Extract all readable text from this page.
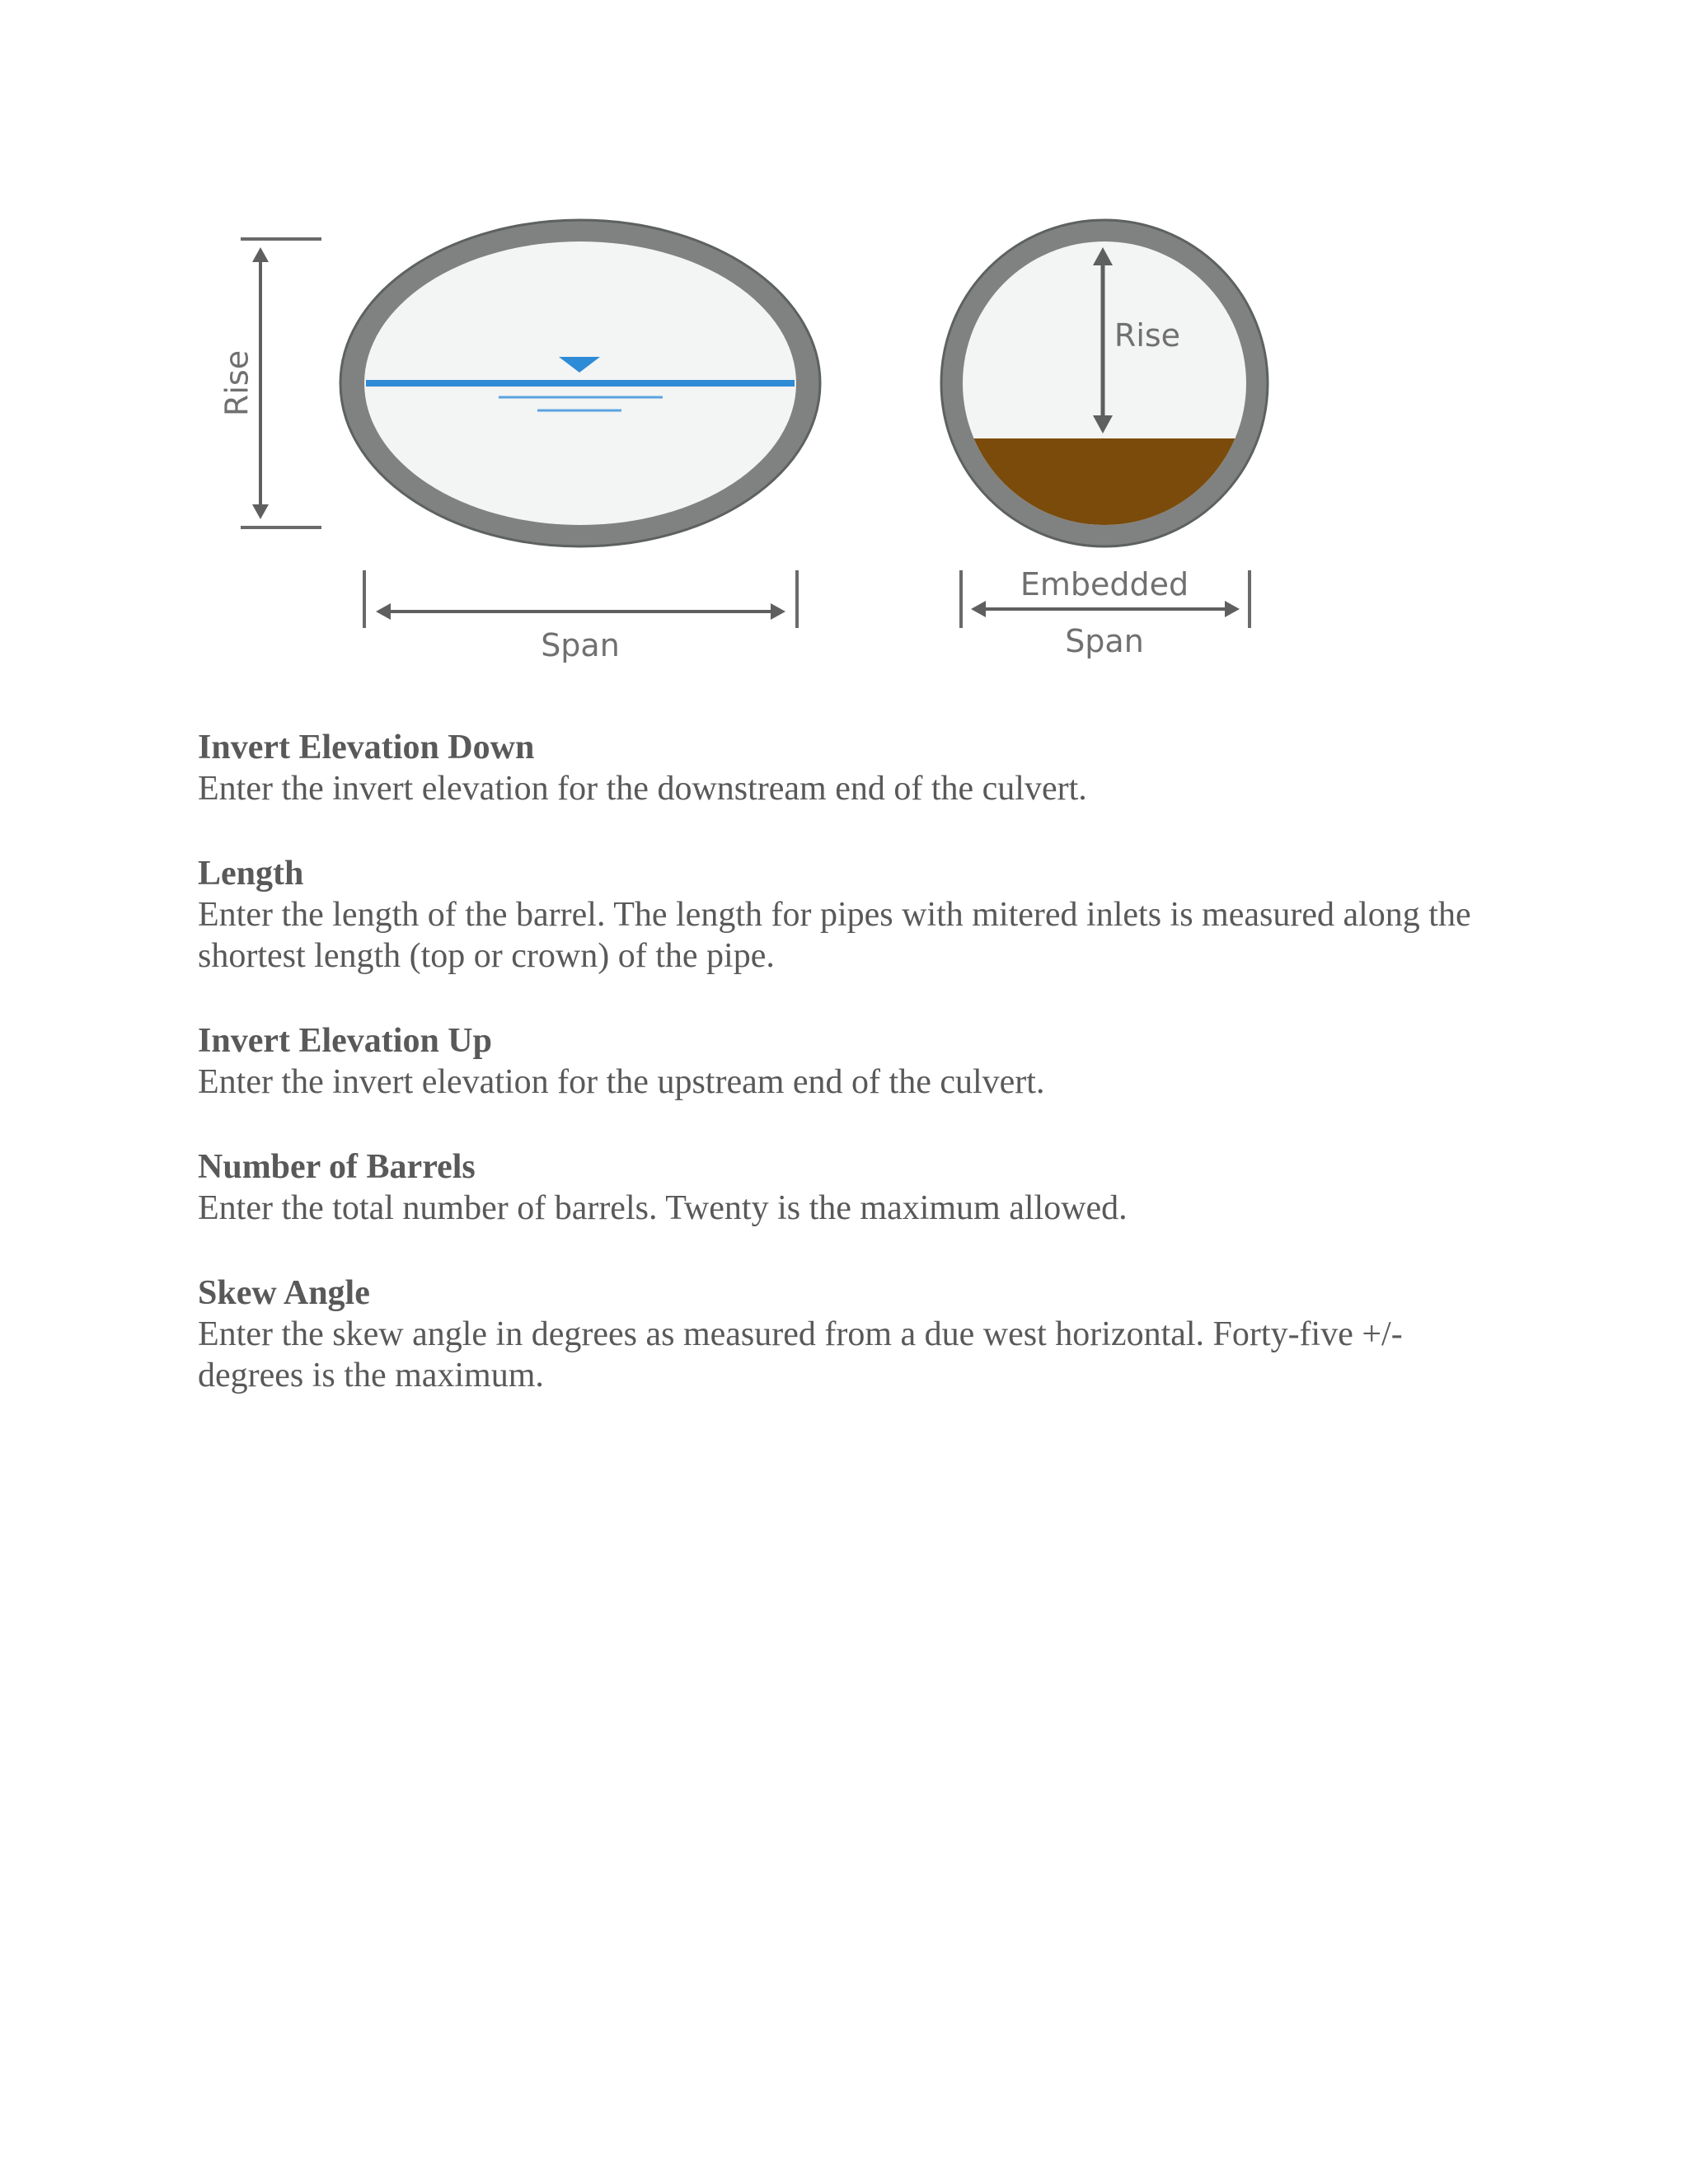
Rise
Span
Rise
Embedded
Span

Invert Elevation Down

Enter the invert elevation for the downstream end of the culvert.

Length

Enter the length of the barrel. The length for pipes with mitered inlets is measured along the shortest length (top or crown) of the pipe.

Invert Elevation Up

Enter the invert elevation for the upstream end of the culvert.

Number of Barrels

Enter the total number of barrels. Twenty is the maximum allowed.

Skew Angle

Enter the skew angle in degrees as measured from a due west horizontal. Forty-five +/- degrees is the maximum.
